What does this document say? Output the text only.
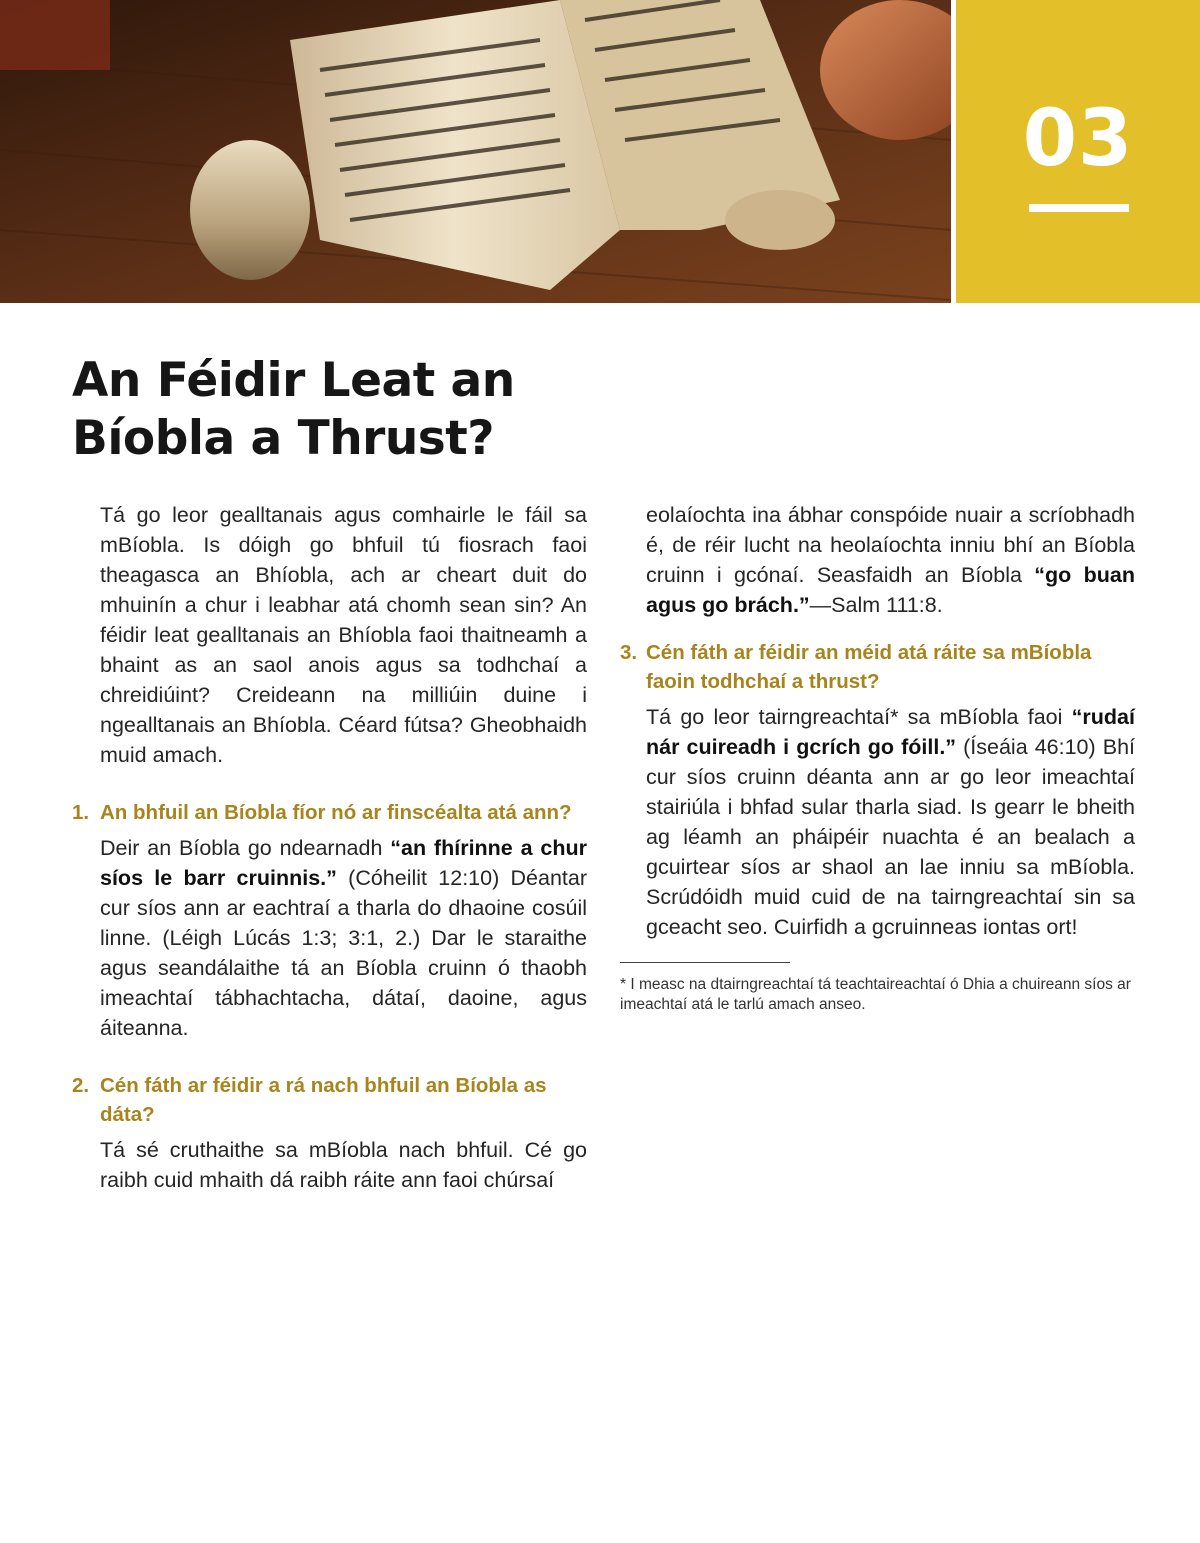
03
An Féidir Leat an
Bíobla a Thrust?

Tá go leor gealltanais agus comhairle le fáil sa mBíobla. Is dóigh go bhfuil tú fiosrach faoi theagasca an Bhíobla, ach ar cheart duit do mhuinín a chur i leabhar atá chomh sean sin? An féidir leat gealltanais an Bhíobla faoi thaitneamh a bhaint as an saol anois agus sa todhchaí a chreidiúint? Creideann na milliúin duine i ngealltanais an Bhíobla. Céard fútsa? Gheobhaidh muid amach.

1. An bhfuil an Bíobla fíor nó ar finscéalta atá ann?

Deir an Bíobla go ndearnadh “an fhírinne a chur síos le barr cruinnis.” (Cóheilit 12:10) Déantar cur síos ann ar eachtraí a tharla do dhaoine cosúil linne. (Léigh Lúcás 1:3; 3:1, 2.) Dar le staraithe agus seandálaithe tá an Bíobla cruinn ó thaobh imeachtaí tábhachtacha, dátaí, daoine, agus áiteanna.

2. Cén fáth ar féidir a rá nach bhfuil an Bíobla as dáta?

Tá sé cruthaithe sa mBíobla nach bhfuil. Cé go raibh cuid mhaith dá raibh ráite ann faoi chúrsaí

eolaíochta ina ábhar conspóide nuair a scríobhadh é, de réir lucht na heolaíochta inniu bhí an Bíobla cruinn i gcónaí. Seasfaidh an Bíobla “go buan agus go brách.”—Salm 111:8.

3. Cén fáth ar féidir an méid atá ráite sa mBíobla faoin todhchaí a thrust?

Tá go leor tairngreachtaí* sa mBíobla faoi “rudaí nár cuireadh i gcrích go fóill.” (Íseáia 46:10) Bhí cur síos cruinn déanta ann ar go leor imeachtaí stairiúla i bhfad sular tharla siad. Is gearr le bheith ag léamh an pháipéir nuachta é an bealach a gcuirtear síos ar shaol an lae inniu sa mBíobla. Scrúdóidh muid cuid de na tairngreachtaí sin sa gceacht seo. Cuirfidh a gcruinneas iontas ort!

* I measc na dtairngreachtaí tá teachtaireachtaí ó Dhia a chuireann síos ar imeachtaí atá le tarlú amach anseo.
